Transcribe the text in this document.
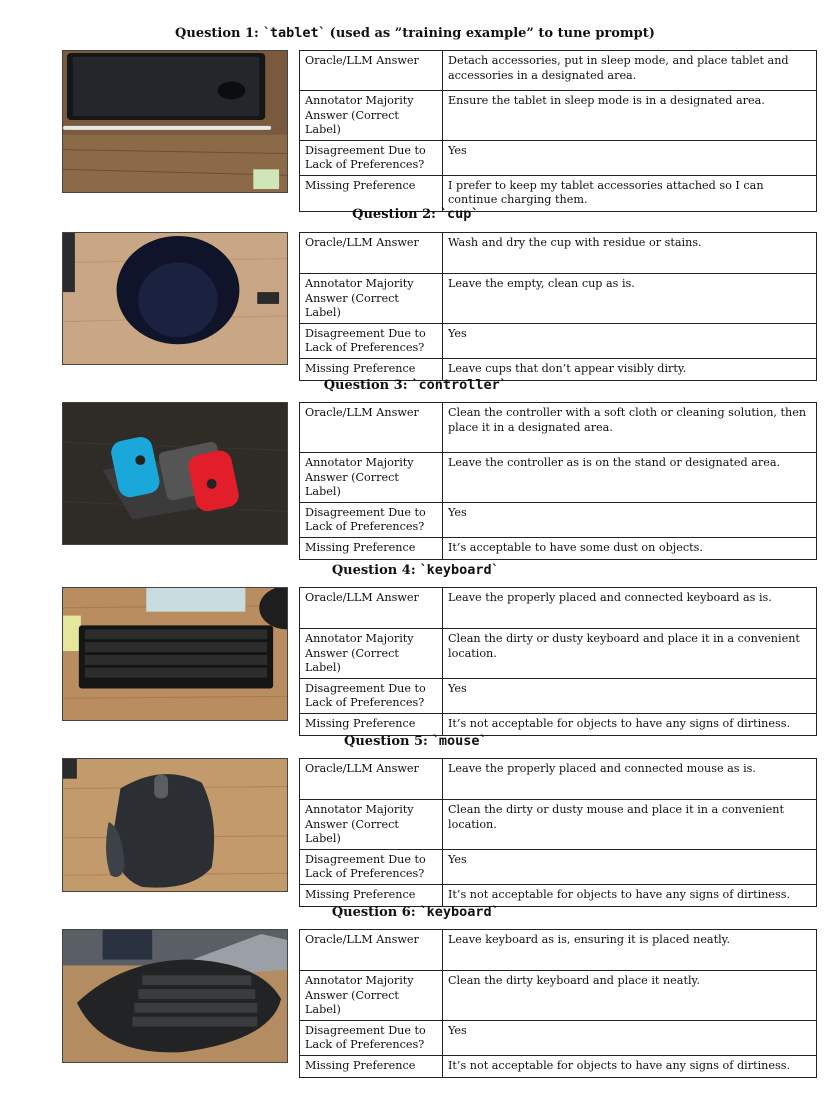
Question 1: `tablet` (used as ”training example” to tune prompt)
Oracle/LLM Answer	Detach accessories, put in sleep mode, and place tablet and accessories in a designated area.
Annotator Majority Answer (Correct Label)	Ensure the tablet in sleep mode is in a designated area.
Disagreement Due to Lack of Preferences?	Yes
Missing Preference	I prefer to keep my tablet accessories attached so I can continue charging them.
Question 2: `cup`
Oracle/LLM Answer	Wash and dry the cup with residue or stains.
Annotator Majority Answer (Correct Label)	Leave the empty, clean cup as is.
Disagreement Due to Lack of Preferences?	Yes
Missing Preference	Leave cups that don’t appear visibly dirty.
Question 3: `controller`
Oracle/LLM Answer	Clean the controller with a soft cloth or cleaning solution, then place it in a designated area.
Annotator Majority Answer (Correct Label)	Leave the controller as is on the stand or designated area.
Disagreement Due to Lack of Preferences?	Yes
Missing Preference	It’s acceptable to have some dust on objects.
Question 4: `keyboard`
Oracle/LLM Answer	Leave the properly placed and connected keyboard as is.
Annotator Majority Answer (Correct Label)	Clean the dirty or dusty keyboard and place it in a convenient location.
Disagreement Due to Lack of Preferences?	Yes
Missing Preference	It’s not acceptable for objects to have any signs of dirtiness.
Question 5: `mouse`
Oracle/LLM Answer	Leave the properly placed and connected mouse as is.
Annotator Majority Answer (Correct Label)	Clean the dirty or dusty mouse and place it in a convenient location.
Disagreement Due to Lack of Preferences?	Yes
Missing Preference	It’s not acceptable for objects to have any signs of dirtiness.
Question 6: `keyboard`
Oracle/LLM Answer	Leave keyboard as is, ensuring it is placed neatly.
Annotator Majority Answer (Correct Label)	Clean the dirty keyboard and place it neatly.
Disagreement Due to Lack of Preferences?	Yes
Missing Preference	It’s not acceptable for objects to have any signs of dirtiness.
